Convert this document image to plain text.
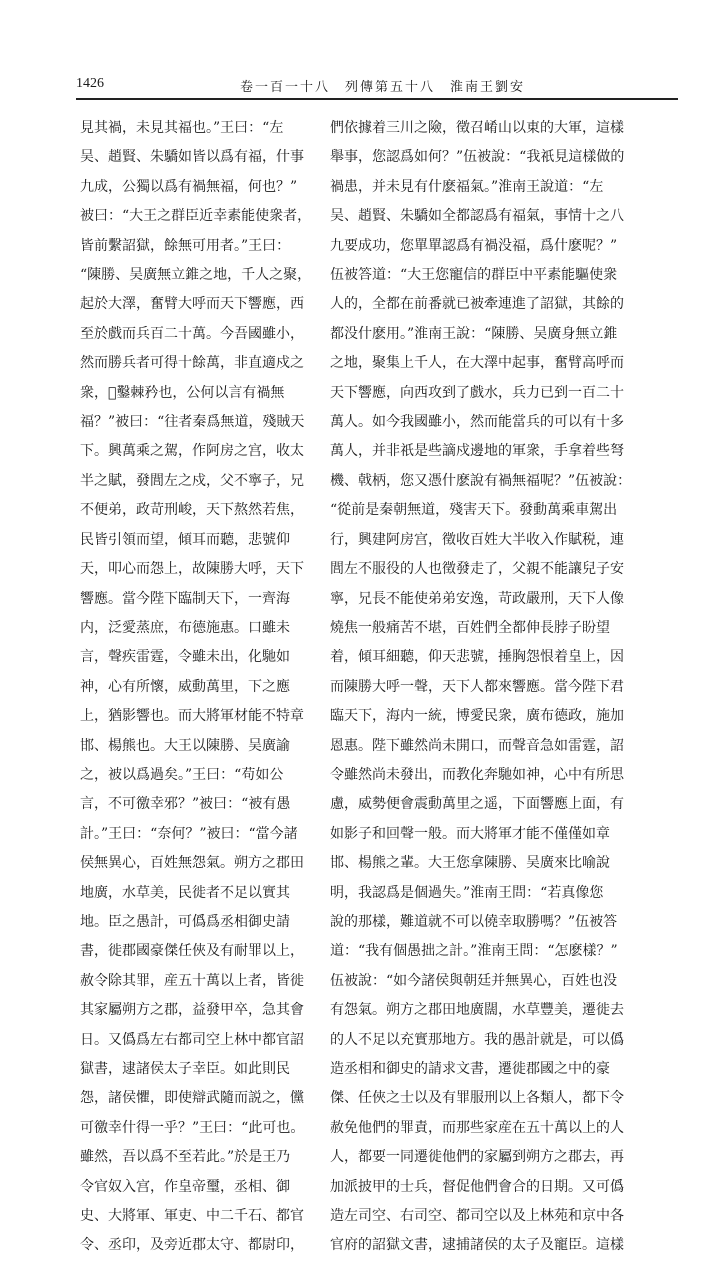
1426	卷一百一十八　列傳第五十八　淮南王劉安
見其禍，未見其福也。”王曰：“左
吴、趙賢、朱驕如皆以爲有福，什事
九成，公獨以爲有禍無福，何也？”
被曰：“大王之群臣近幸素能使衆者，
皆前繫詔獄，餘無可用者。”王曰：
“陳勝、吴廣無立錐之地，千人之聚，
起於大澤，奮臂大呼而天下響應，西
至於戲而兵百二十萬。今吾國雖小，
然而勝兵者可得十餘萬，非直適戍之
衆，𨱆鑿棘矜也，公何以言有禍無
福？”被曰：“往者秦爲無道，殘賊天
下。興萬乘之駕，作阿房之宫，收太
半之賦，發閭左之戍，父不寧子，兄
不便弟，政苛刑峻，天下熬然若焦，
民皆引領而望，傾耳而聽，悲號仰
天，叩心而怨上，故陳勝大呼，天下
響應。當今陛下臨制天下，一齊海
内，泛愛蒸庶，布德施惠。口雖未
言，聲疾雷霆，令雖未出，化馳如
神，心有所懷，威動萬里，下之應
上，猶影響也。而大將軍材能不特章
邯、楊熊也。大王以陳勝、吴廣諭
之，被以爲過矣。”王曰：“苟如公
言，不可徼幸邪？”被曰：“被有愚
計。”王曰：“奈何？”被曰：“當今諸
侯無異心，百姓無怨氣。朔方之郡田
地廣，水草美，民徙者不足以實其
地。臣之愚計，可僞爲丞相御史請
書，徙郡國豪傑任俠及有耐罪以上，
赦令除其罪，産五十萬以上者，皆徙
其家屬朔方之郡，益發甲卒，急其會
日。又僞爲左右都司空上林中都官詔
獄書，逮諸侯太子幸臣。如此則民
怨，諸侯懼，即使辯武隨而説之，儻
可徼幸什得一乎？”王曰：“此可也。
雖然，吾以爲不至若此。”於是王乃
令官奴入宫，作皇帝璽，丞相、御
史、大將軍、軍吏、中二千石、都官
令、丞印，及旁近郡太守、都尉印，
們依據着三川之險，徵召崤山以東的大軍，這樣
舉事，您認爲如何？”伍被說：“我祇見這樣做的
禍患，并未見有什麽福氣。”淮南王說道：“左
吴、趙賢、朱驕如全都認爲有福氣，事情十之八
九要成功，您單單認爲有禍没福，爲什麽呢？”
伍被答道：“大王您寵信的群臣中平素能驅使衆
人的，全都在前番就已被牽連進了詔獄，其餘的
都没什麽用。”淮南王說：“陳勝、吴廣身無立錐
之地，聚集上千人，在大澤中起事，奮臂高呼而
天下響應，向西攻到了戲水，兵力已到一百二十
萬人。如今我國雖小，然而能當兵的可以有十多
萬人，并非祇是些謫戍邊地的軍衆，手拿着些弩
機、戟柄，您又憑什麽說有禍無福呢？”伍被說：
“從前是秦朝無道，殘害天下。發動萬乘車駕出
行，興建阿房宫，徵收百姓大半收入作賦税，連
閭左不服役的人也徵發走了，父親不能讓兒子安
寧，兄長不能使弟弟安逸，苛政嚴刑，天下人像
燒焦一般痛苦不堪，百姓們全都伸長脖子盼望
着，傾耳細聽，仰天悲號，捶胸怨恨着皇上，因
而陳勝大呼一聲，天下人都來響應。當今陛下君
臨天下，海内一統，博愛民衆，廣布德政，施加
恩惠。陛下雖然尚未開口，而聲音急如雷霆，詔
令雖然尚未發出，而教化奔馳如神，心中有所思
慮，威勢便會震動萬里之遥，下面響應上面，有
如影子和回聲一般。而大將軍才能不僅僅如章
邯、楊熊之輩。大王您拿陳勝、吴廣來比喻說
明，我認爲是個過失。”淮南王問：“若真像您
說的那樣，難道就不可以僥幸取勝嗎？”伍被答
道：“我有個愚拙之計。”淮南王問：“怎麽樣？”
伍被說：“如今諸侯與朝廷并無異心，百姓也没
有怨氣。朔方之郡田地廣闊，水草豐美，遷徙去
的人不足以充實那地方。我的愚計就是，可以僞
造丞相和御史的請求文書，遷徙郡國之中的豪
傑、任俠之士以及有罪服刑以上各類人，都下令
赦免他們的罪責，而那些家産在五十萬以上的人
人，都要一同遷徙他們的家屬到朔方之郡去，再
加派披甲的士兵，督促他們會合的日期。又可僞
造左司空、右司空、都司空以及上林苑和京中各
官府的詔獄文書，逮捕諸侯的太子及寵臣。這樣
